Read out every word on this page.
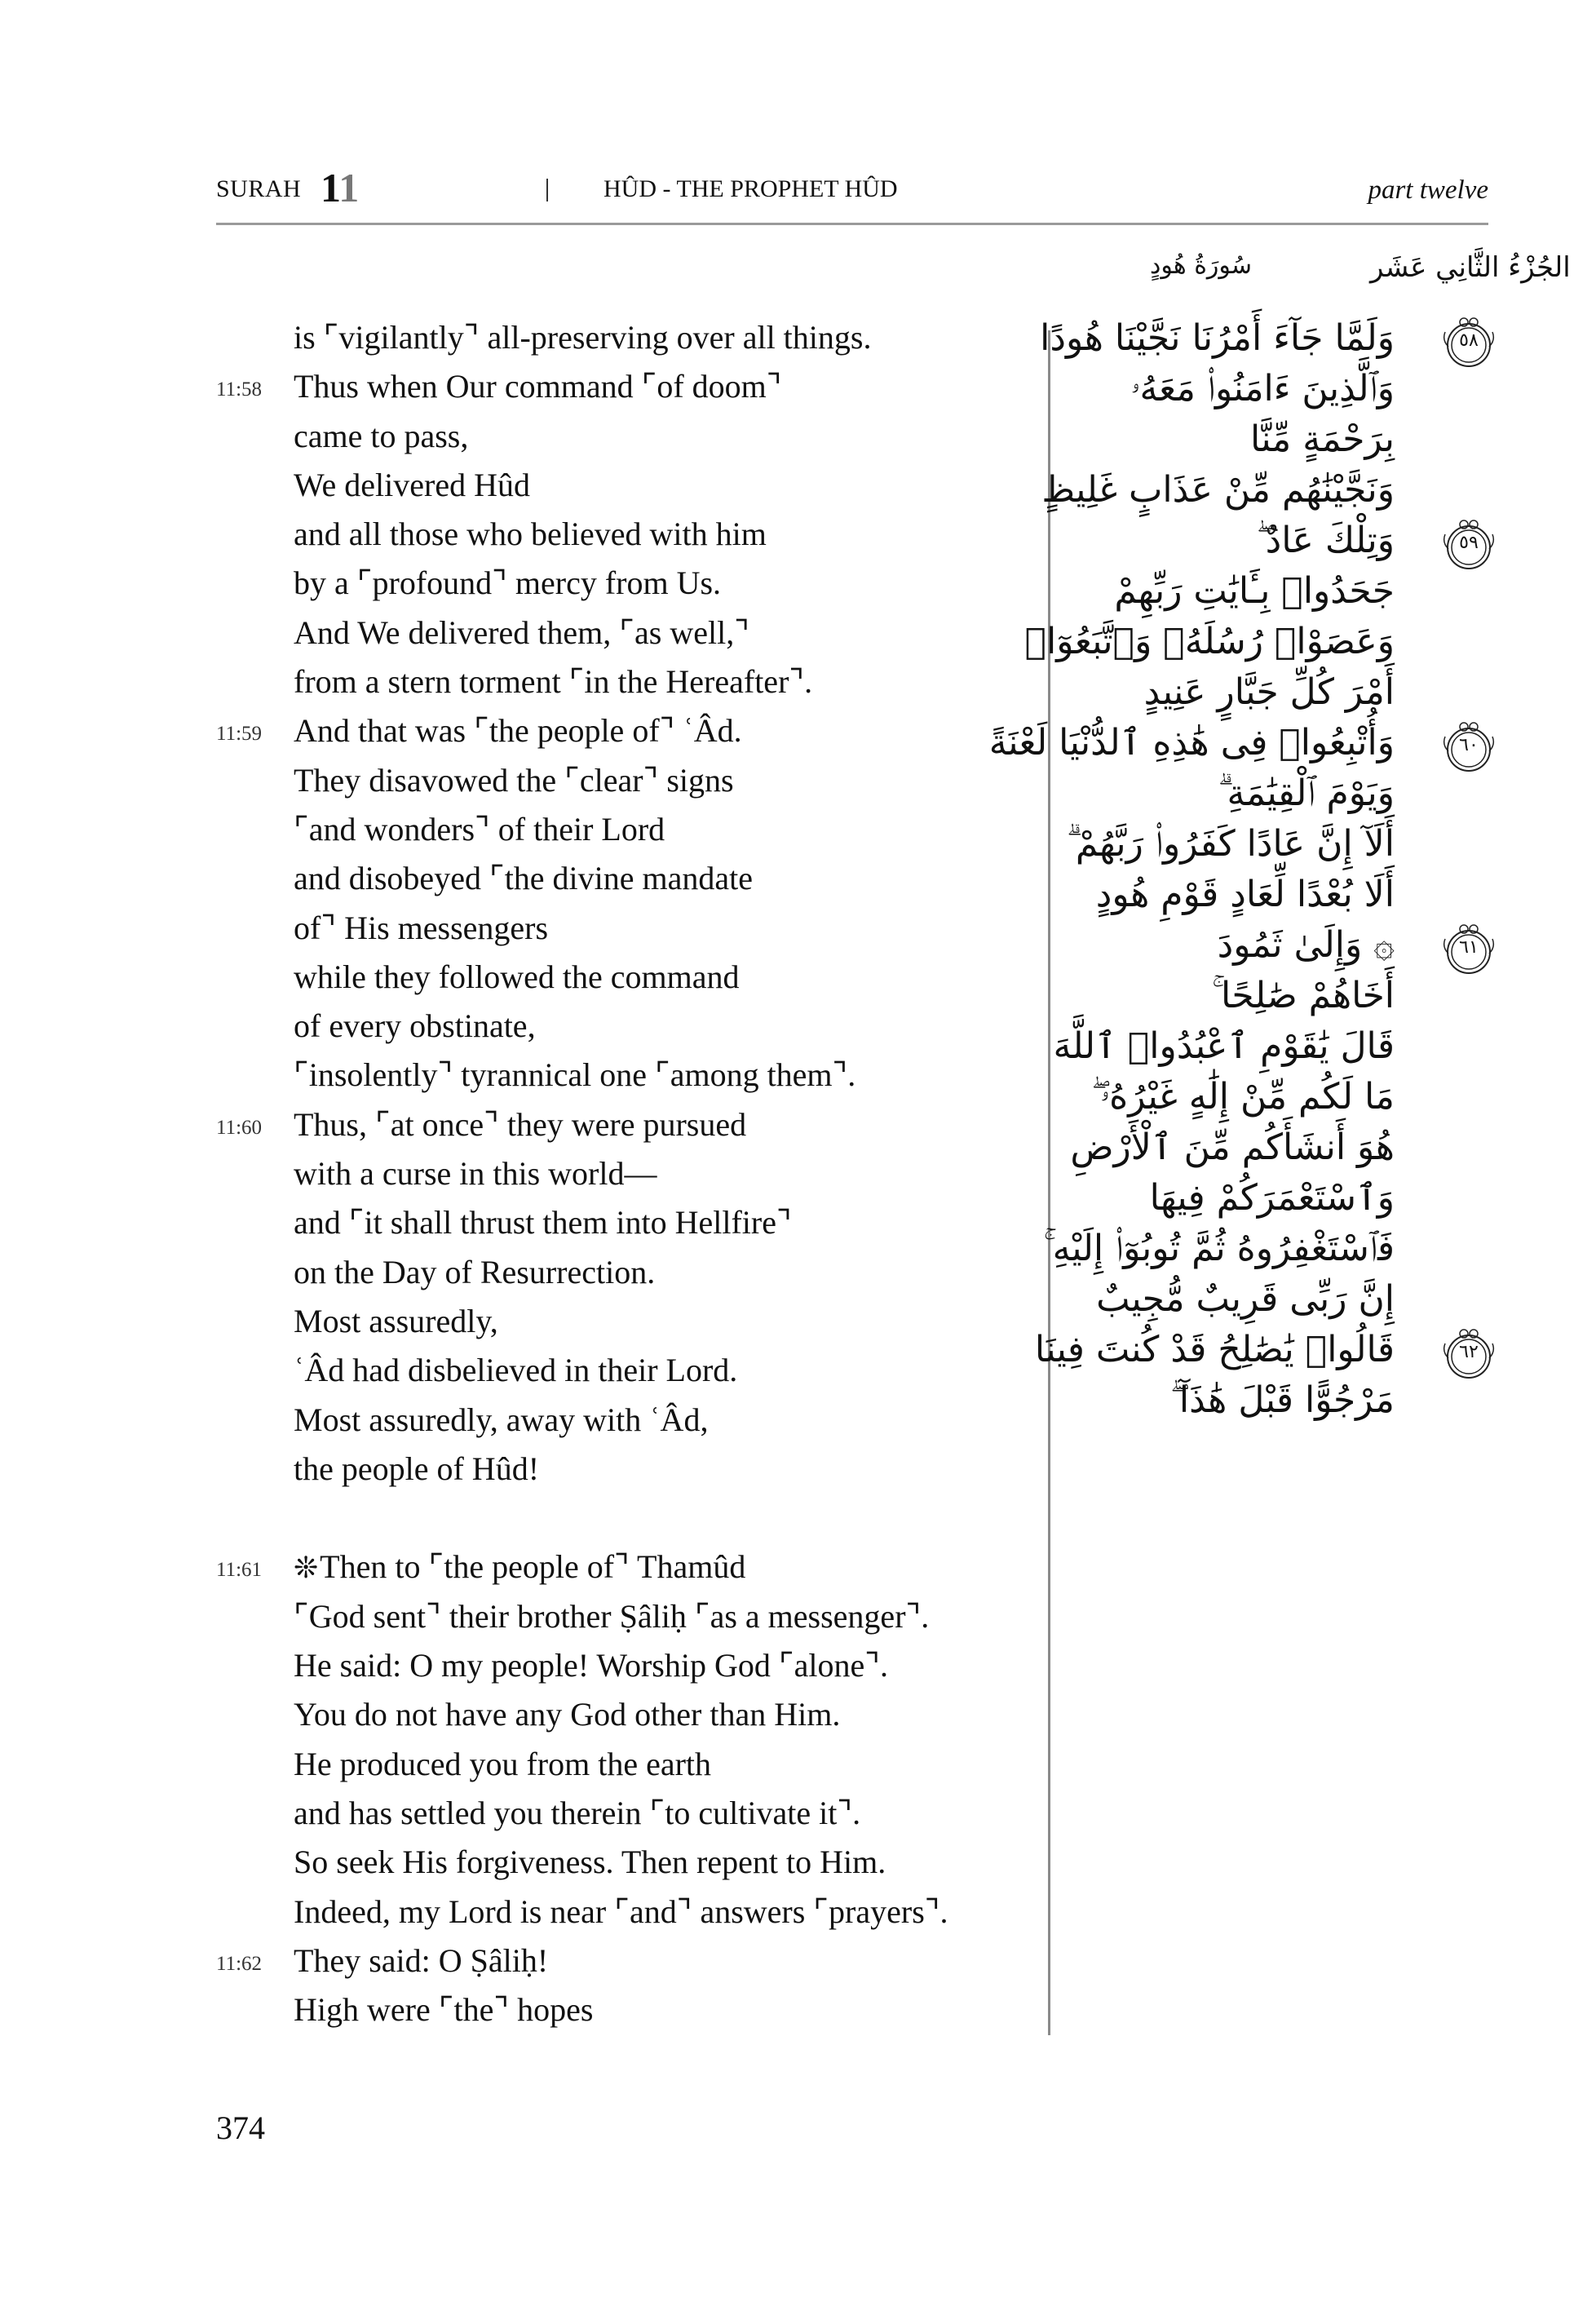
SURAH 11	HÛD - THE PROPHET HÛD	part twelve
الجُزْءُ الثَّانِي عَشَر
سُورَةُ هُودٍ
is ⌜vigilantly⌝ all-preserving over all things.
11:58 Thus when Our command ⌜of doom⌝
came to pass,
We delivered Hûd
and all those who believed with him
by a ⌜profound⌝ mercy from Us.
And We delivered them, ⌜as well,⌝
from a stern torment ⌜in the Hereafter⌝.
11:59 And that was ⌜the people of⌝ ʿÂd.
They disavowed the ⌜clear⌝ signs
⌜and wonders⌝ of their Lord
and disobeyed ⌜the divine mandate
of⌝ His messengers
while they followed the command
of every obstinate,
⌜insolently⌝ tyrannical one ⌜among them⌝.
11:60 Thus, ⌜at once⌝ they were pursued
with a curse in this world—
and ⌜it shall thrust them into Hellfire⌝
on the Day of Resurrection.
Most assuredly,
ʿÂd had disbelieved in their Lord.
Most assuredly, away with ʿÂd,
the people of Hûd!
11:61	❊Then to ⌜the people of⌝ Thamûd
⌜God sent⌝ their brother Ṣâliḥ ⌜as a messenger⌝.
He said: O my people! Worship God ⌜alone⌝.
You do not have any God other than Him.
He produced you from the earth
and has settled you therein ⌜to cultivate it⌝.
So seek His forgiveness. Then repent to Him.
Indeed, my Lord is near ⌜and⌝ answers ⌜prayers⌝.
11:62 They said: O Ṣâliḥ!
High were ⌜the⌝ hopes
وَلَمَّا جَآءَ أَمْرُنَا نَجَّيْنَا هُودًا	٥٨
وَٱلَّذِينَ ءَامَنُوا۟ مَعَهُۥ
بِرَحْمَةٍ مِّنَّا
وَنَجَّيْنَٰهُم مِّنْ عَذَابٍ غَلِيظٍ
وَتِلْكَ عَادٌ ۖ	٥٩
جَحَدُوا۟ بِـَٔايَٰتِ رَبِّهِمْ
وَعَصَوْا۟ رُسُلَهُۥ وَٱتَّبَعُوٓا۟
أَمْرَ كُلِّ جَبَّارٍ عَنِيدٍ
وَأُتْبِعُوا۟ فِى هَٰذِهِ ٱلدُّنْيَا لَعْنَةً	٦٠
وَيَوْمَ ٱلْقِيَٰمَةِ ۗ
أَلَآ إِنَّ عَادًا كَفَرُوا۟ رَبَّهُمْ ۗ
أَلَا بُعْدًا لِّعَادٍ قَوْمِ هُودٍ
۞ وَإِلَىٰ ثَمُودَ	٦١
أَخَاهُمْ صَٰلِحًا ۚ
قَالَ يَٰقَوْمِ ٱعْبُدُوا۟ ٱللَّهَ
مَا لَكُم مِّنْ إِلَٰهٍ غَيْرُهُۥ ۖ
هُوَ أَنشَأَكُم مِّنَ ٱلْأَرْضِ
وَٱسْتَعْمَرَكُمْ فِيهَا
فَٱسْتَغْفِرُوهُ ثُمَّ تُوبُوٓا۟ إِلَيْهِ ۚ
إِنَّ رَبِّى قَرِيبٌ مُّجِيبٌ
قَالُوا۟ يَٰصَٰلِحُ قَدْ كُنتَ فِينَا	٦٢
مَرْجُوًّا قَبْلَ هَٰذَآ ۖ
374
